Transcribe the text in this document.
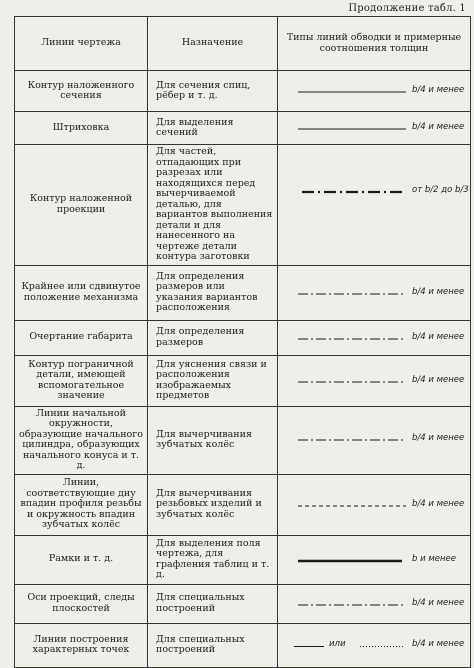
Продолжение табл. 1
Линии чертежа	Назначение	Типы линий обводки и примерные соотношения толщин
Контур наложенного сечения	Для сечения спиц, рёбер и т. д.	b/4 и менее

Штриховка	Для выделения сечений	b/4 и менее

Контур наложенной проекции	Для частей, отпадающих при разрезах или находящихся перед вычерчиваемой деталью, для вариантов выполнения детали и для нанесенного на чертеже детали контура заготовки	от b/2 до b/3

Крайнее или сдвинутое положение механизма	Для определения размеров или указания вариантов расположения	b/4 и менее

Очертание габарита	Для определения размеров	b/4 и менее

Контур пограничной детали, имеющей вспомогательное значение	Для уяснения связи и расположения изображаемых предметов	b/4 и менее

Линии начальной окружности, образующие начального цилиндра, образующих начального конуса и т. д.	Для вычерчивания зубчатых колёс	b/4 и менее

Линии, соответствующие дну впадин профиля резьбы и окружность впадин зубчатых колёс	Для вычерчивания резьбовых изделий и зубчатых колёс	b/4 и менее

Рамки и т. д.	Для выделения поля чертежа, для графления таблиц и т. д.	b и менее

Оси проекций, следы плоскостей	Для специальных построений	b/4 и менее

Линии построения характерных точек	Для специальных построений	или b/4 и менее
